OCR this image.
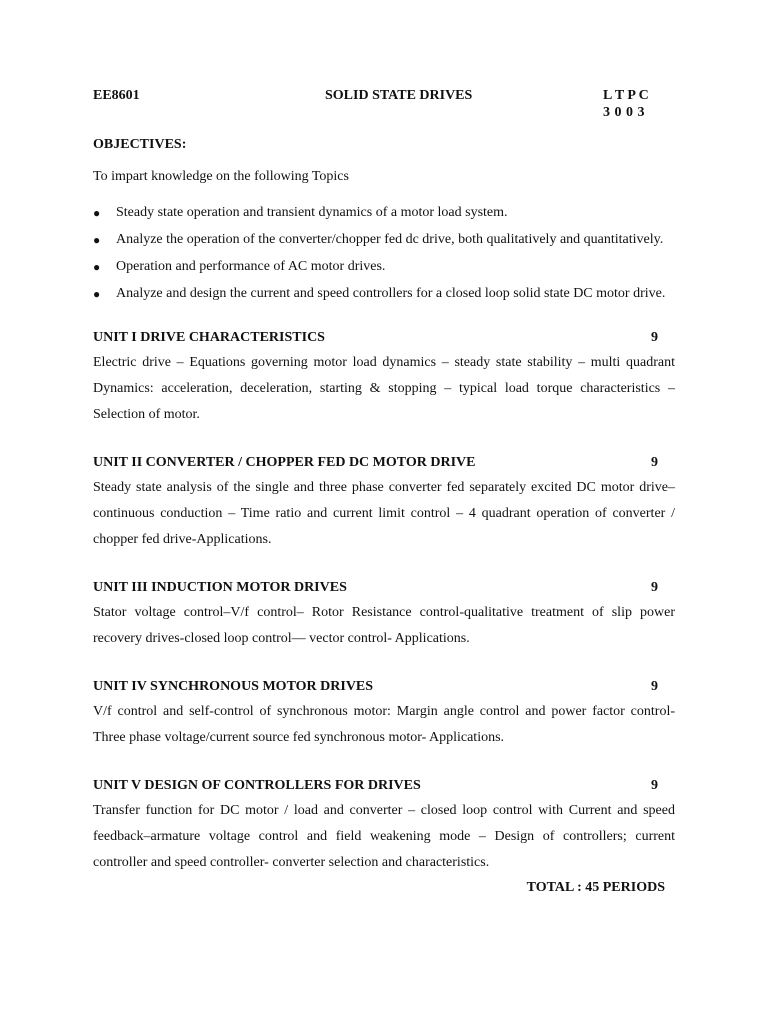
EE8601	SOLID STATE DRIVES	L T P C
3 0 0 3

OBJECTIVES:

To impart knowledge on the following Topics

● Steady state operation and transient dynamics of a motor load system.
● Analyze the operation of the converter/chopper fed dc drive, both qualitatively and quantitatively.
● Operation and performance of AC motor drives.
● Analyze and design the current and speed controllers for a closed loop solid state DC motor drive.
UNIT I DRIVE CHARACTERISTICS	9
Electric drive – Equations governing motor load dynamics – steady state stability – multi quadrant Dynamics: acceleration, deceleration, starting & stopping – typical load torque characteristics – Selection of motor.
UNIT II CONVERTER / CHOPPER FED DC MOTOR DRIVE	9
Steady state analysis of the single and three phase converter fed separately excited DC motor drive– continuous conduction – Time ratio and current limit control – 4 quadrant operation of converter / chopper fed drive-Applications.
UNIT III INDUCTION MOTOR DRIVES	9
Stator voltage control–V/f control– Rotor Resistance control-qualitative treatment of slip power recovery drives-closed loop control–– vector control- Applications.
UNIT IV SYNCHRONOUS MOTOR DRIVES	9
V/f control and self-control of synchronous motor: Margin angle control and power factor control- Three phase voltage/current source fed synchronous motor- Applications.
UNIT V DESIGN OF CONTROLLERS FOR DRIVES	9
Transfer function for DC motor / load and converter – closed loop control with Current and speed feedback–armature voltage control and field weakening mode – Design of controllers; current controller and speed controller- converter selection and characteristics.
TOTAL : 45 PERIODS
